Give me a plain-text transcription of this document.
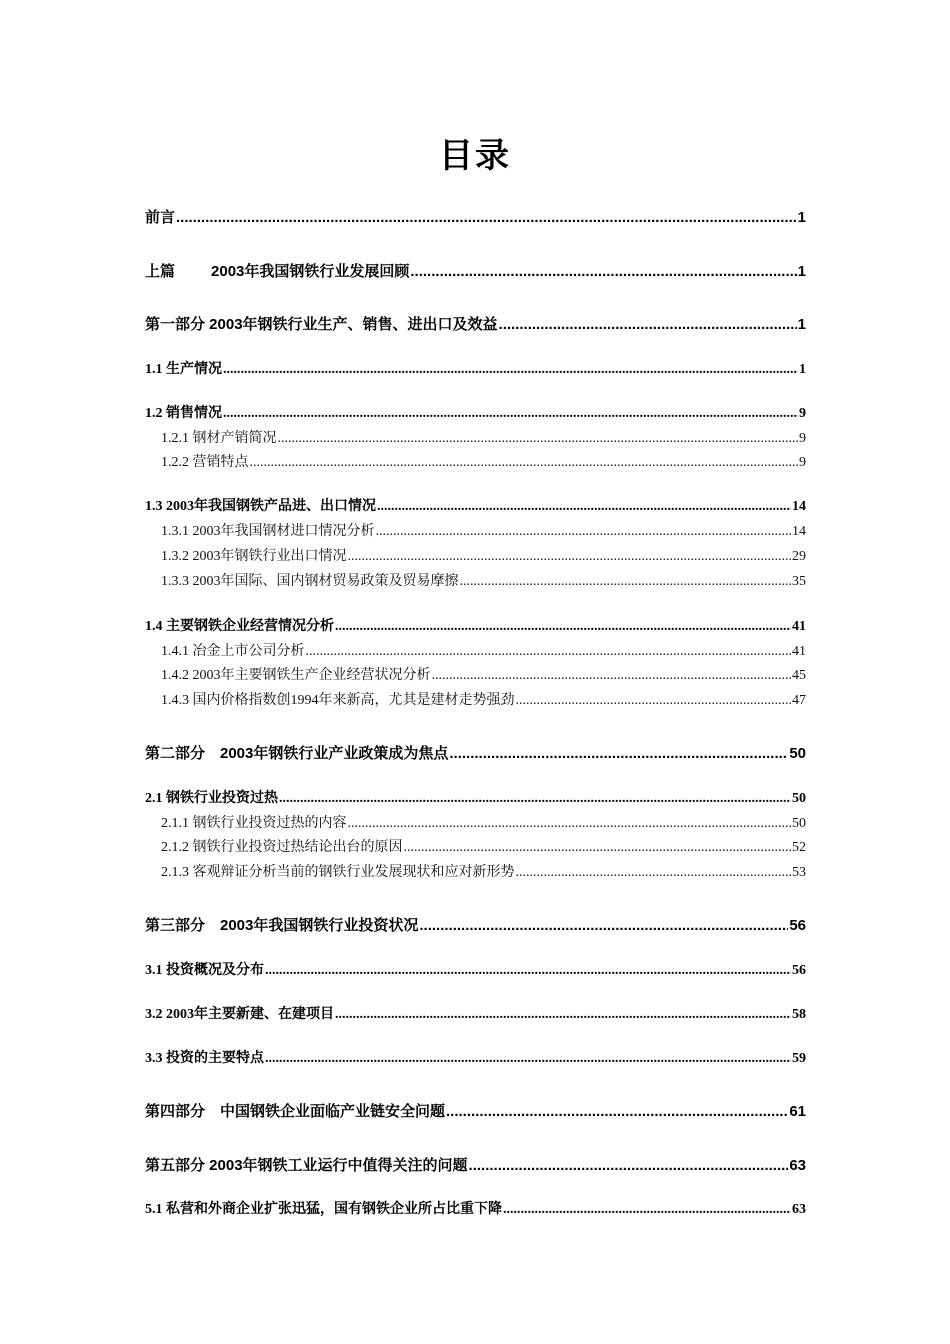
目录
前言 .....	1
上篇 2003年我国钢铁行业发展回顾 .....	1
第一部分 2003年钢铁行业生产、销售、进出口及效益 .....	1
1.1 生产情况 .....	1
1.2 销售情况 .....	9
1.2.1 钢材产销简况 .....	9
1.2.2 营销特点 .....	9
1.3 2003年我国钢铁产品进、出口情况 .....	14
1.3.1 2003年我国钢材进口情况分析 .....	14
1.3.2 2003年钢铁行业出口情况 .....	29
1.3.3 2003年国际、国内钢材贸易政策及贸易摩擦 .....	35
1.4 主要钢铁企业经营情况分析 .....	41
1.4.1 冶金上市公司分析 .....	41
1.4.2 2003年主要钢铁生产企业经营状况分析 .....	45
1.4.3 国内价格指数创1994年来新高，尤其是建材走势强劲 .....	47
第二部分　2003年钢铁行业产业政策成为焦点 .....	50
2.1 钢铁行业投资过热 .....	50
2.1.1 钢铁行业投资过热的内容 .....	50
2.1.2 钢铁行业投资过热结论出台的原因 .....	52
2.1.3 客观辩证分析当前的钢铁行业发展现状和应对新形势 .....	53
第三部分　2003年我国钢铁行业投资状况 .....	56
3.1 投资概况及分布 .....	56
3.2 2003年主要新建、在建项目 .....	58
3.3 投资的主要特点 .....	59
第四部分　中国钢铁企业面临产业链安全问题 .....	61
第五部分 2003年钢铁工业运行中值得关注的问题 .....	63
5.1 私营和外商企业扩张迅猛，国有钢铁企业所占比重下降 .....	63
